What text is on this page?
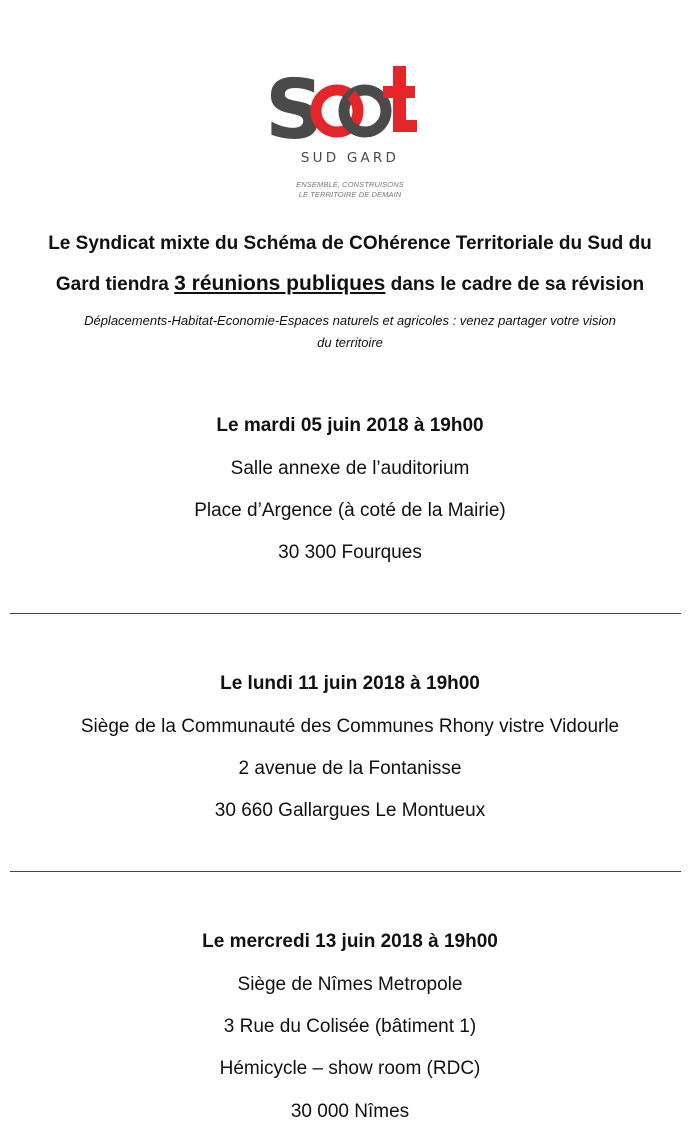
S
SUD GARD
ENSEMBLE, CONSTRUISONS
LE TERRITOIRE DE DEMAIN
Le Syndicat mixte du Schéma de COhérence Territoriale du Sud du
Gard tiendra 3 réunions publiques dans le cadre de sa révision
Déplacements-Habitat-Economie-Espaces naturels et agricoles : venez partager votre vision
du territoire
Le mardi 05 juin 2018 à 19h00
Salle annexe de l’auditorium
Place d’Argence (à coté de la Mairie)
30 300 Fourques
Le lundi 11 juin 2018 à 19h00
Siège de la Communauté des Communes Rhony vistre Vidourle
2 avenue de la Fontanisse
30 660 Gallargues Le Montueux
Le mercredi 13 juin 2018 à 19h00
Siège de Nîmes Metropole
3 Rue du Colisée (bâtiment 1)
Hémicycle – show room (RDC)
30 000 Nîmes
